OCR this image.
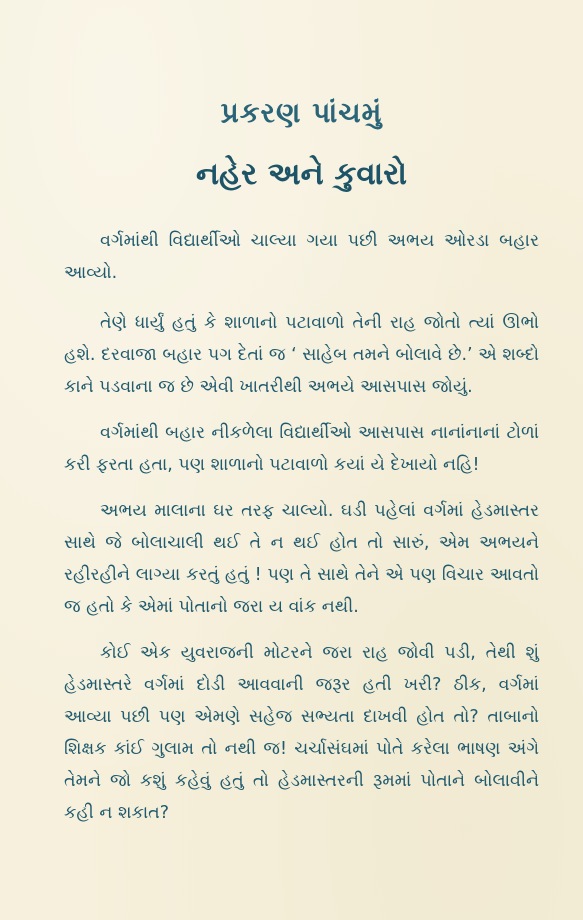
પ્રકરણ પાંચમું
નહેર અને કુવારો

વર્ગમાંથી વિદ્યાર્થીઓ ચાલ્યા ગયા પછી અભય ઓરડા બહાર આવ્યો.

તેણે ધાર્યું હતું કે શાળાનો પટાવાળો તેની રાહ જોતો ત્યાં ઊભો હશે. દરવાજા બહાર પગ દેતાં જ ‘ સાહેબ તમને બોલાવે છે.’ એ શબ્દો કાને પડવાના જ છે એવી ખાતરીથી અભયે આસપાસ જોયું.

વર્ગમાંથી બહાર નીકળેલા વિદ્યાર્થીઓ આસપાસ નાનાંનાનાં ટોળાં કરી ફરતા હતા, પણ શાળાનો પટાવાળો કયાં યે દેખાયો નહિ!

અભય માલાના ઘર તરફ ચાલ્યો. ઘડી પહેલાં વર્ગમાં હેડમાસ્તર સાથે જે બોલાચાલી થઈ તે ન થઈ હોત તો સારું, એમ અભયને રહીરહીને લાગ્યા કરતું હતું ! પણ તે સાથે તેને એ પણ વિચાર આવતો જ હતો કે એમાં પોતાનો જરા ય વાંક નથી.

કોઈ એક યુવરાજની મોટરને જરા રાહ જોવી પડી, તેથી શું હેડમાસ્તરે વર્ગમાં દોડી આવવાની જરૂર હતી ખરી? ઠીક, વર્ગમાં આવ્યા પછી પણ એમણે સહેજ સભ્યતા દાખવી હોત તો? તાબાનો શિક્ષક કાંઈ ગુલામ તો નથી જ! ચર્ચાસંઘમાં પોતે કરેલા ભાષણ અંગે તેમને જો કશું કહેવું હતું તો હેડમાસ્તરની રૂમમાં પોતાને બોલાવીને કહી ન શકાત?
